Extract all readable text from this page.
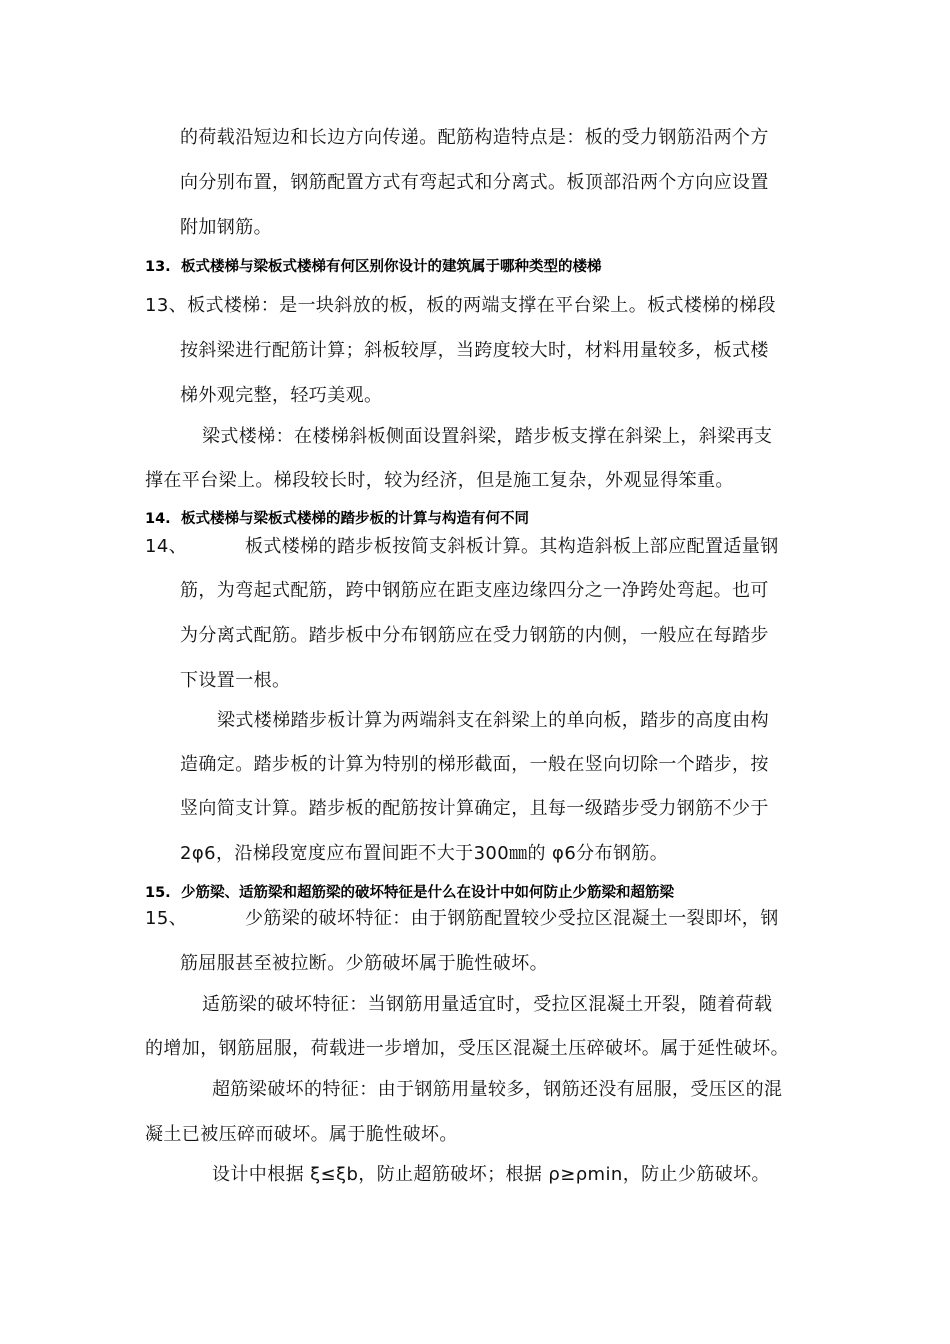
的荷载沿短边和长边方向传递。配筋构造特点是：板的受力钢筋沿两个方
向分别布置，钢筋配置方式有弯起式和分离式。板顶部沿两个方向应设置
附加钢筋。
13. 板式楼梯与梁板式楼梯有何区别你设计的建筑属于哪种类型的楼梯
13、板式楼梯：是一块斜放的板，板的两端支撑在平台梁上。板式楼梯的梯段
按斜梁进行配筋计算；斜板较厚，当跨度较大时，材料用量较多，板式楼
梯外观完整，轻巧美观。
梁式楼梯：在楼梯斜板侧面设置斜梁，踏步板支撑在斜梁上，斜梁再支
撑在平台梁上。梯段较长时，较为经济，但是施工复杂，外观显得笨重。
14. 板式楼梯与梁板式楼梯的踏步板的计算与构造有何不同
14、	板式楼梯的踏步板按简支斜板计算。其构造斜板上部应配置适量钢
筋，为弯起式配筋，跨中钢筋应在距支座边缘四分之一净跨处弯起。也可
为分离式配筋。踏步板中分布钢筋应在受力钢筋的内侧，一般应在每踏步
下设置一根。
梁式楼梯踏步板计算为两端斜支在斜梁上的单向板，踏步的高度由构
造确定。踏步板的计算为特别的梯形截面，一般在竖向切除一个踏步，按
竖向简支计算。踏步板的配筋按计算确定，且每一级踏步受力钢筋不少于
2φ6，沿梯段宽度应布置间距不大于300㎜的 φ6分布钢筋。
15. 少筋梁、适筋梁和超筋梁的破坏特征是什么在设计中如何防止少筋梁和超筋梁
15、	少筋梁的破坏特征：由于钢筋配置较少受拉区混凝土一裂即坏，钢
筋屈服甚至被拉断。少筋破坏属于脆性破坏。
适筋梁的破坏特征：当钢筋用量适宜时，受拉区混凝土开裂，随着荷载
的增加，钢筋屈服，荷载进一步增加，受压区混凝土压碎破坏。属于延性破坏。
超筋梁破坏的特征：由于钢筋用量较多，钢筋还没有屈服，受压区的混
凝土已被压碎而破坏。属于脆性破坏。
设计中根据 ξ≤ξb，防止超筋破坏；根据 ρ≥ρmin，防止少筋破坏。
